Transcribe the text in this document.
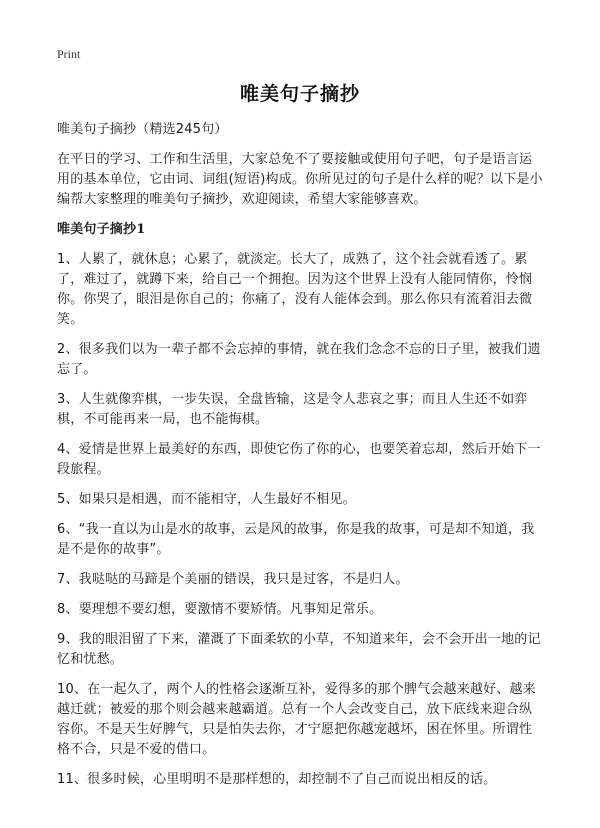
Print
唯美句子摘抄

唯美句子摘抄（精选245句）

在平日的学习、工作和生活里，大家总免不了要接触或使用句子吧，句子是语言运用的基本单位，它由词、词组(短语)构成。你所见过的句子是什么样的呢？以下是小编帮大家整理的唯美句子摘抄，欢迎阅读，希望大家能够喜欢。

唯美句子摘抄1

1、人累了，就休息；心累了，就淡定。长大了，成熟了，这个社会就看透了。累了，难过了，就蹲下来，给自己一个拥抱。因为这个世界上没有人能同情你，怜悯你。你哭了，眼泪是你自己的；你痛了，没有人能体会到。那么你只有流着泪去微笑。

2、很多我们以为一辈子都不会忘掉的事情，就在我们念念不忘的日子里，被我们遗忘了。

3、人生就像弈棋，一步失误，全盘皆输，这是令人悲哀之事；而且人生还不如弈棋，不可能再来一局，也不能悔棋。

4、爱情是世界上最美好的东西，即使它伤了你的心，也要笑着忘却，然后开始下一段旅程。

5、如果只是相遇，而不能相守，人生最好不相见。

6、“我一直以为山是水的故事，云是风的故事，你是我的故事，可是却不知道，我是不是你的故事”。

7、我哒哒的马蹄是个美丽的错误，我只是过客，不是归人。

8、要理想不要幻想，要激情不要矫情。凡事知足常乐。

9、我的眼泪留了下来，灌溉了下面柔软的小草，不知道来年，会不会开出一地的记忆和忧愁。

10、在一起久了，两个人的性格会逐渐互补，爱得多的那个脾气会越来越好、越来越迁就；被爱的那个则会越来越霸道。总有一个人会改变自己，放下底线来迎合纵容你。不是天生好脾气，只是怕失去你，才宁愿把你越宠越坏，困在怀里。所谓性格不合，只是不爱的借口。

11、很多时候，心里明明不是那样想的，却控制不了自己而说出相反的话。
